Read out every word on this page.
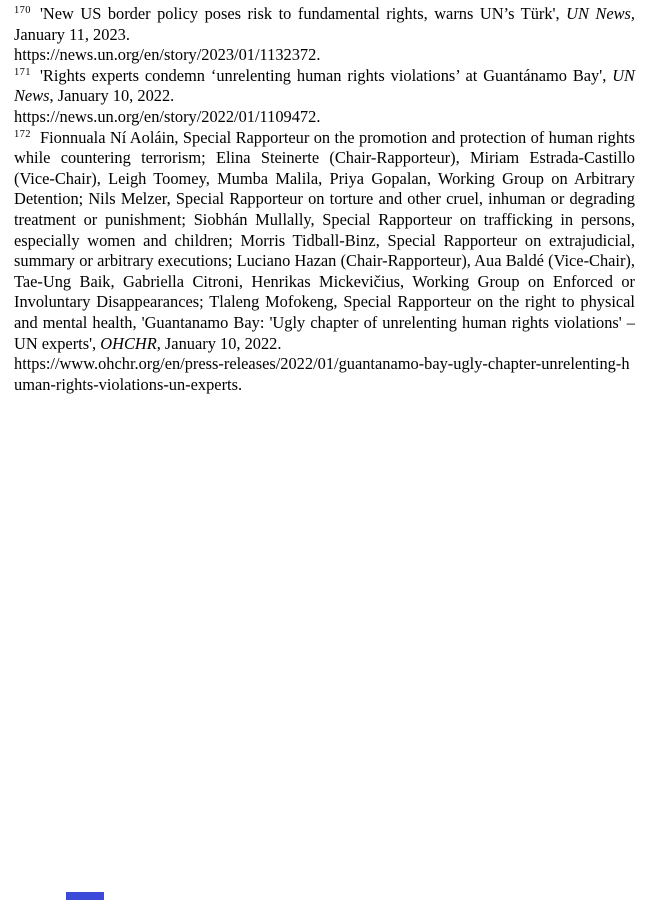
$^{170}$ 'New US border policy poses risk to fundamental rights, warns UN’s Türk', UN News, January 11, 2023.

https://news.un.org/en/story/2023/01/1132372.

$^{171}$ 'Rights experts condemn ‘unrelenting human rights violations’ at Guantánamo Bay', UN News, January 10, 2022.

https://news.un.org/en/story/2022/01/1109472.

$^{172}$ Fionnuala Ní Aoláin, Special Rapporteur on the promotion and protection of human rights while countering terrorism; Elina Steinerte (Chair-Rapporteur), Miriam Estrada-Castillo (Vice-Chair), Leigh Toomey, Mumba Malila, Priya Gopalan, Working Group on Arbitrary Detention; Nils Melzer, Special Rapporteur on torture and other cruel, inhuman or degrading treatment or punishment; Siobhán Mullally, Special Rapporteur on trafficking in persons, especially women and children; Morris Tidball-Binz, Special Rapporteur on extrajudicial, summary or arbitrary executions; Luciano Hazan (Chair-Rapporteur), Aua Baldé (Vice-Chair), Tae-Ung Baik, Gabriella Citroni, Henrikas Mickevičius, Working Group on Enforced or Involuntary Disappearances; Tlaleng Mofokeng, Special Rapporteur on the right to physical and mental health, 'Guantanamo Bay: 'Ugly chapter of unrelenting human rights violations' – UN experts', OHCHR, January 10, 2022.

https://www.ohchr.org/en/press-releases/2022/01/guantanamo-bay-ugly-chapter-unrelenting-human-rights-violations-un-experts.
